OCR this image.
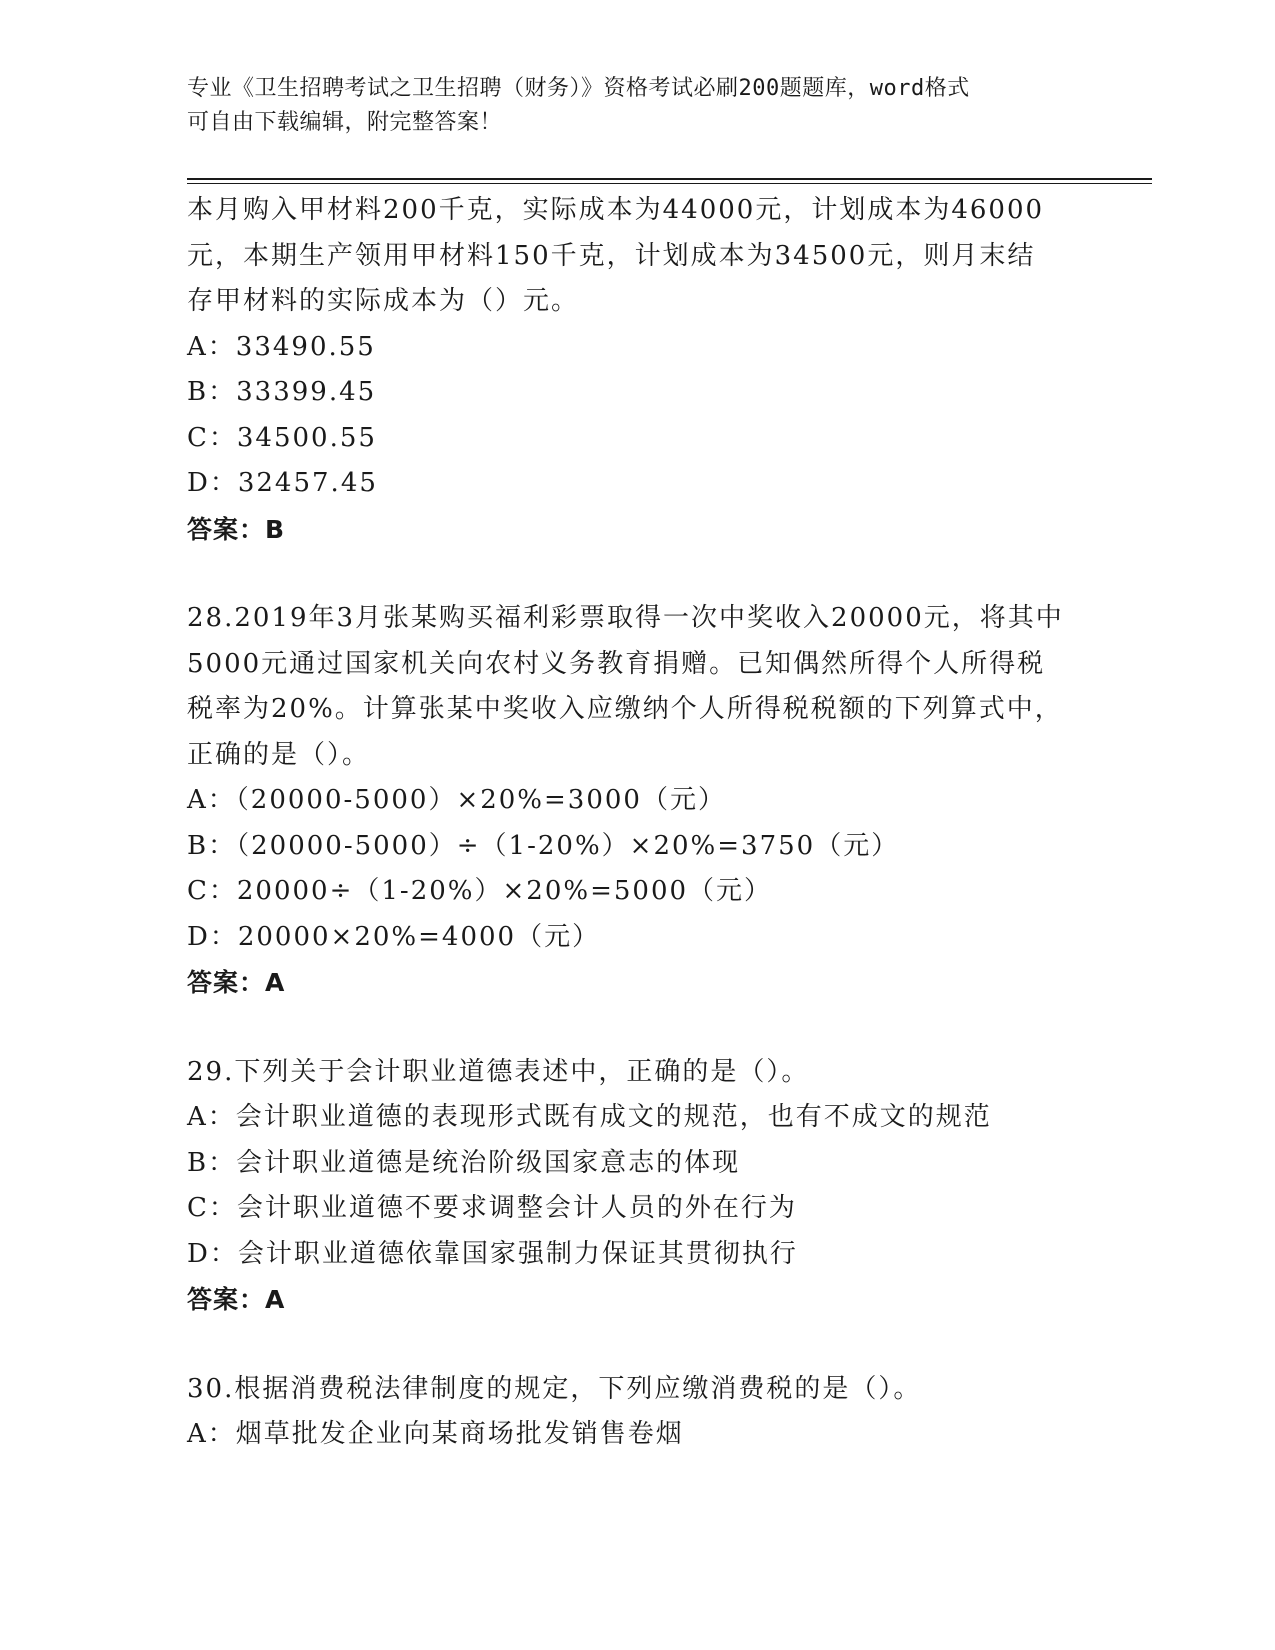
专业《卫生招聘考试之卫生招聘（财务）》资格考试必刷200题题库，word格式
可自由下载编辑，附完整答案！
本月购入甲材料200千克，实际成本为44000元，计划成本为46000
元，本期生产领用甲材料150千克，计划成本为34500元，则月末结
存甲材料的实际成本为（）元。
A：33490.55
B：33399.45
C：34500.55
D：32457.45
答案：B
28.2019年3月张某购买福利彩票取得一次中奖收入20000元，将其中
5000元通过国家机关向农村义务教育捐赠。已知偶然所得个人所得税
税率为20%。计算张某中奖收入应缴纳个人所得税税额的下列算式中，
正确的是（）。
A：（20000-5000）×20%=3000（元）
B：（20000-5000）÷（1-20%）×20%=3750（元）
C：20000÷（1-20%）×20%=5000（元）
D：20000×20%=4000（元）
答案：A
29.下列关于会计职业道德表述中，正确的是（）。
A：会计职业道德的表现形式既有成文的规范，也有不成文的规范
B：会计职业道德是统治阶级国家意志的体现
C：会计职业道德不要求调整会计人员的外在行为
D：会计职业道德依靠国家强制力保证其贯彻执行
答案：A
30.根据消费税法律制度的规定，下列应缴消费税的是（）。
A：烟草批发企业向某商场批发销售卷烟
